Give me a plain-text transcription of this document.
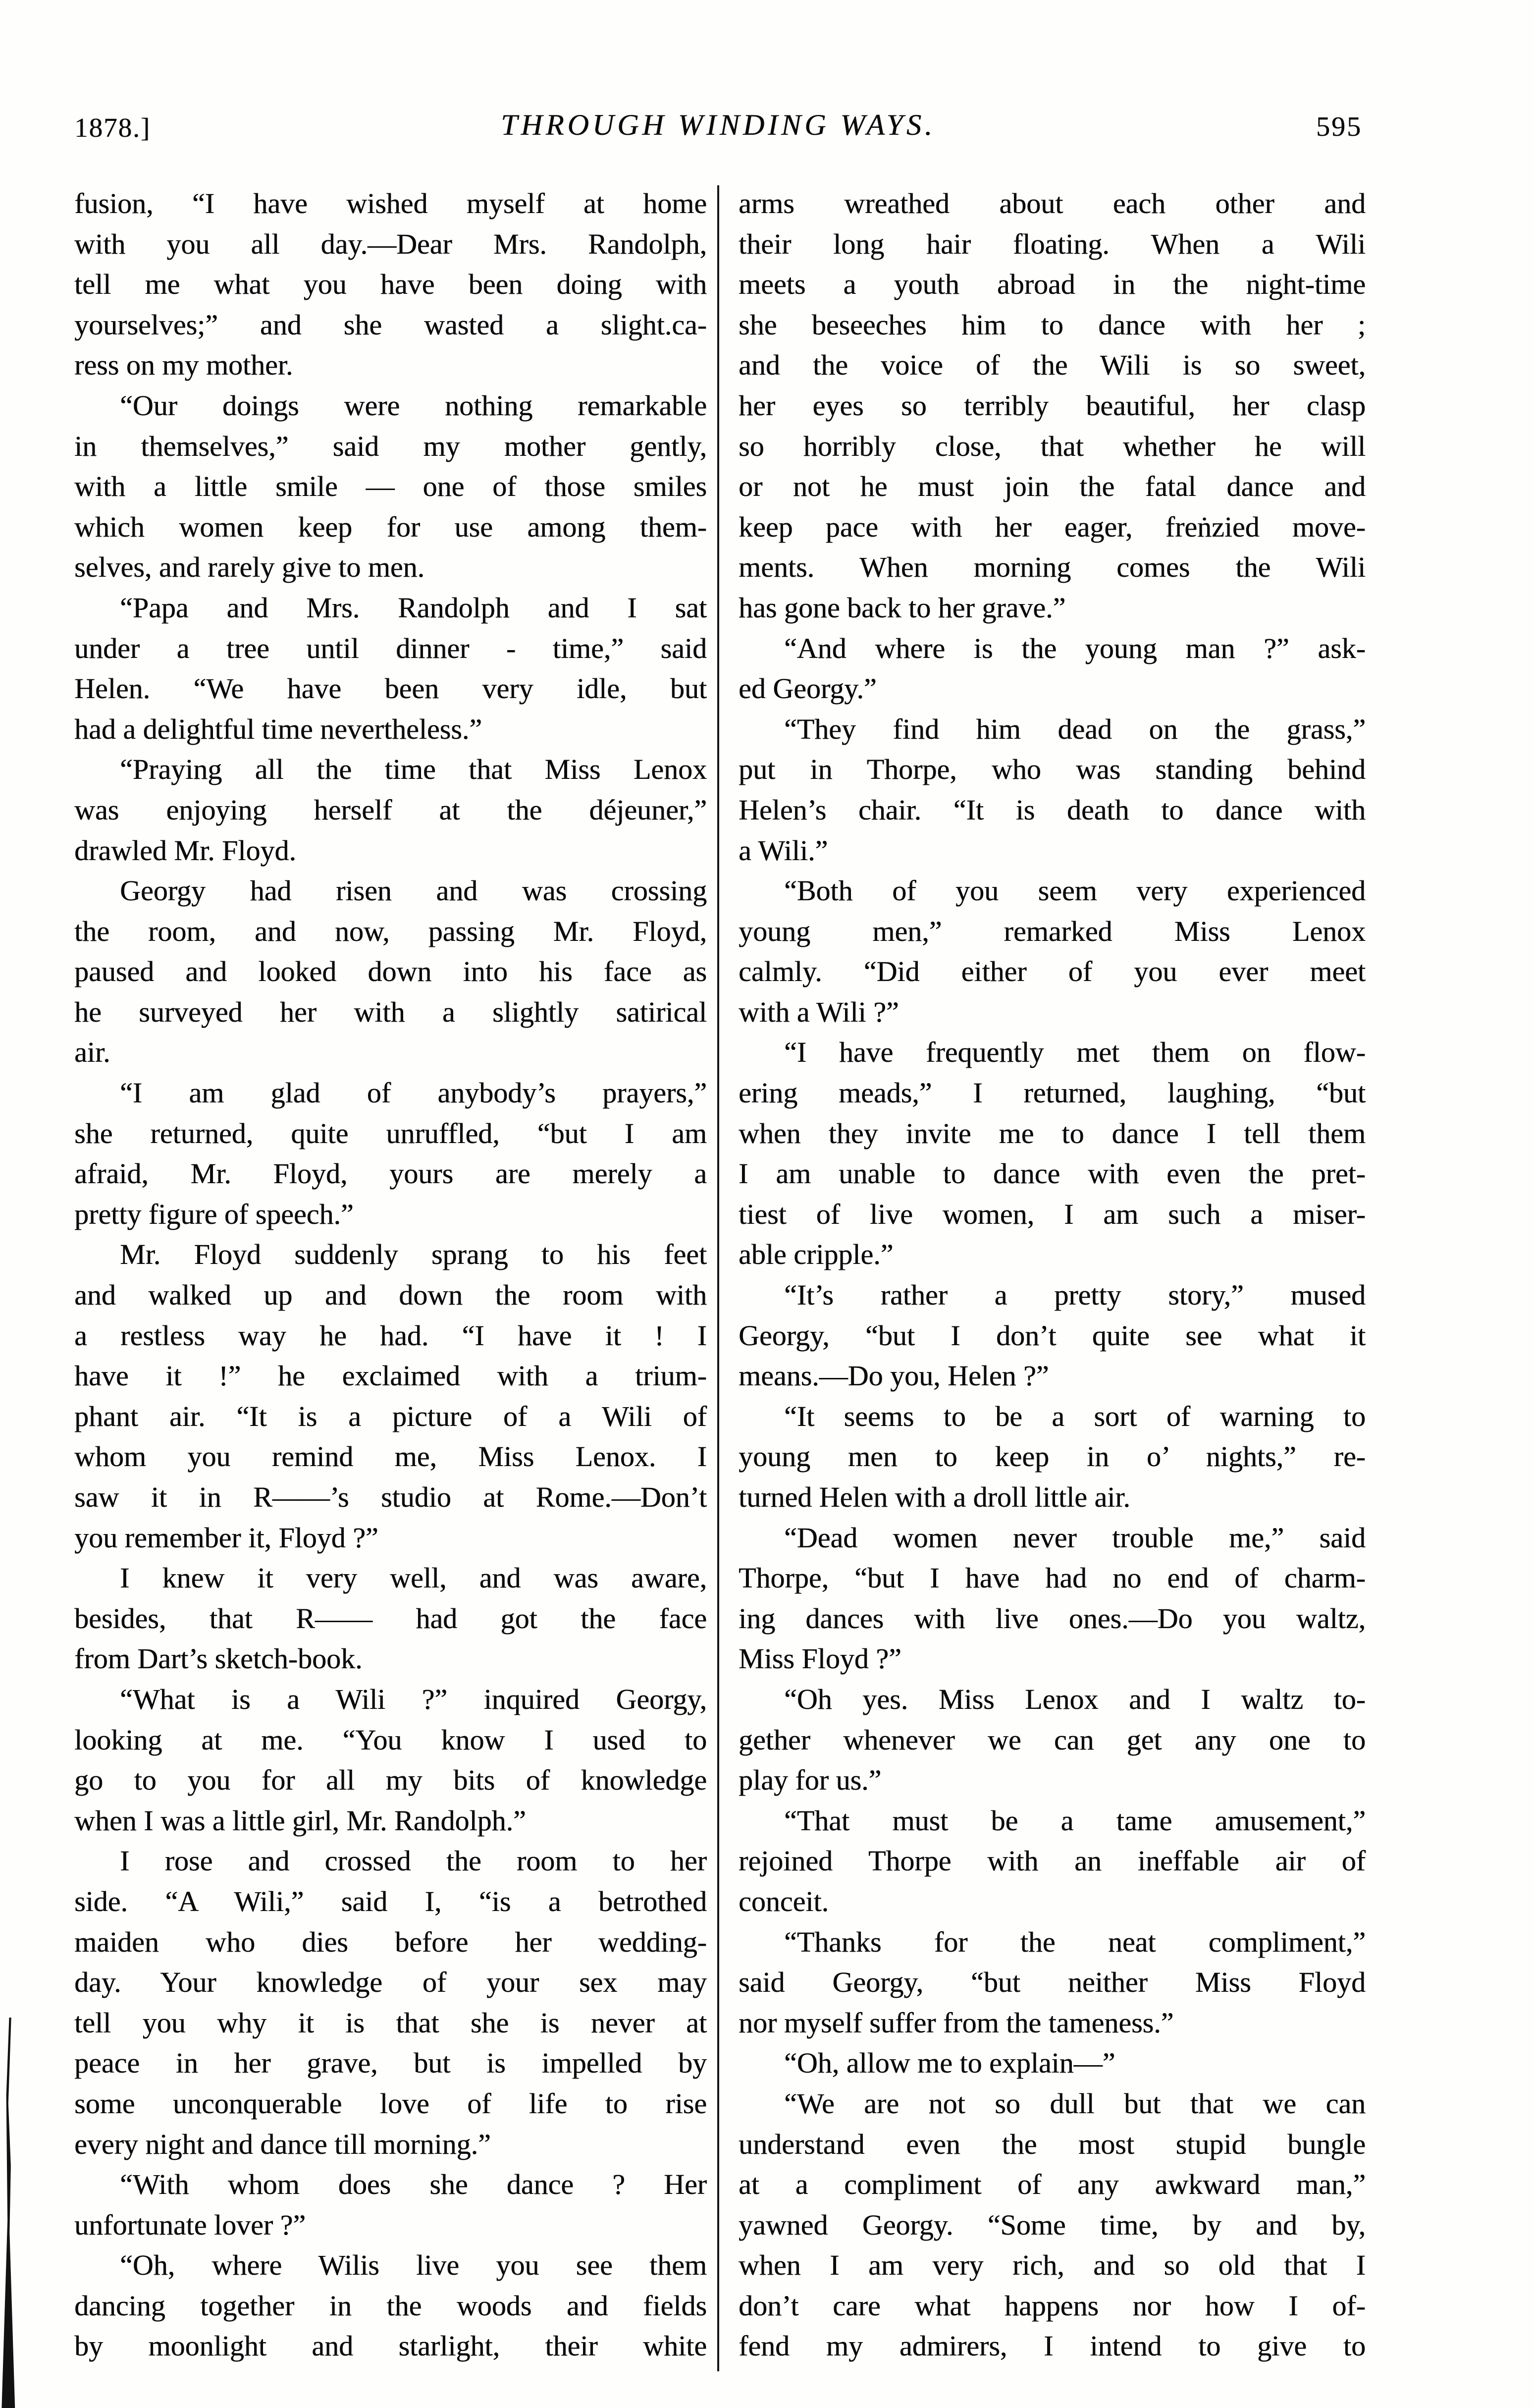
1878.]	THROUGH WINDING WAYS.	595
fusion, “I have wished myself at home
with you all day.—Dear Mrs. Randolph,
tell me what you have been doing with
yourselves;” and she wasted a slight.ca-
ress on my mother.
“Our doings were nothing remarkable
in themselves,” said my mother gently,
with a little smile — one of those smiles
which women keep for use among them-
selves, and rarely give to men.
“Papa and Mrs. Randolph and I sat
under a tree until dinner - time,” said
Helen. “We have been very idle, but
had a delightful time nevertheless.”
“Praying all the time that Miss Lenox
was enjoying herself at the déjeuner,”
drawled Mr. Floyd.
Georgy had risen and was crossing
the room, and now, passing Mr. Floyd,
paused and looked down into his face as
he surveyed her with a slightly satirical
air.
“I am glad of anybody’s prayers,”
she returned, quite unruffled, “but I am
afraid, Mr. Floyd, yours are merely a
pretty figure of speech.”
Mr. Floyd suddenly sprang to his feet
and walked up and down the room with
a restless way he had. “I have it ! I
have it !” he exclaimed with a trium-
phant air. “It is a picture of a Wili of
whom you remind me, Miss Lenox. I
saw it in R——’s studio at Rome.—Don’t
you remember it, Floyd ?”
I knew it very well, and was aware,
besides, that R—— had got the face
from Dart’s sketch-book.
“What is a Wili ?” inquired Georgy,
looking at me. “You know I used to
go to you for all my bits of knowledge
when I was a little girl, Mr. Randolph.”
I rose and crossed the room to her
side. “A Wili,” said I, “is a betrothed
maiden who dies before her wedding-
day. Your knowledge of your sex may
tell you why it is that she is never at
peace in her grave, but is impelled by
some unconquerable love of life to rise
every night and dance till morning.”
“With whom does she dance ? Her
unfortunate lover ?”
“Oh, where Wilis live you see them
dancing together in the woods and fields
by moonlight and starlight, their white
arms wreathed about each other and
their long hair floating. When a Wili
meets a youth abroad in the night-time
she beseeches him to dance with her ;
and the voice of the Wili is so sweet,
her eyes so terribly beautiful, her clasp
so horribly close, that whether he will
or not he must join the fatal dance and
keep pace with her eager, freṅzied move-
ments. When morning comes the Wili
has gone back to her grave.”
“And where is the young man ?” ask-
ed Georgy.”
“They find him dead on the grass,”
put in Thorpe, who was standing behind
Helen’s chair. “It is death to dance with
a Wili.”
“Both of you seem very experienced
young men,” remarked Miss Lenox
calmly. “Did either of you ever meet
with a Wili ?”
“I have frequently met them on flow-
ering meads,” I returned, laughing, “but
when they invite me to dance I tell them
I am unable to dance with even the pret-
tiest of live women, I am such a miser-
able cripple.”
“It’s rather a pretty story,” mused
Georgy, “but I don’t quite see what it
means.—Do you, Helen ?”
“It seems to be a sort of warning to
young men to keep in o’ nights,” re-
turned Helen with a droll little air.
“Dead women never trouble me,” said
Thorpe, “but I have had no end of charm-
ing dances with live ones.—Do you waltz,
Miss Floyd ?”
“Oh yes. Miss Lenox and I waltz to-
gether whenever we can get any one to
play for us.”
“That must be a tame amusement,”
rejoined Thorpe with an ineffable air of
conceit.
“Thanks for the neat compliment,”
said Georgy, “but neither Miss Floyd
nor myself suffer from the tameness.”
“Oh, allow me to explain—”
“We are not so dull but that we can
understand even the most stupid bungle
at a compliment of any awkward man,”
yawned Georgy. “Some time, by and by,
when I am very rich, and so old that I
don’t care what happens nor how I of-
fend my admirers, I intend to give to
